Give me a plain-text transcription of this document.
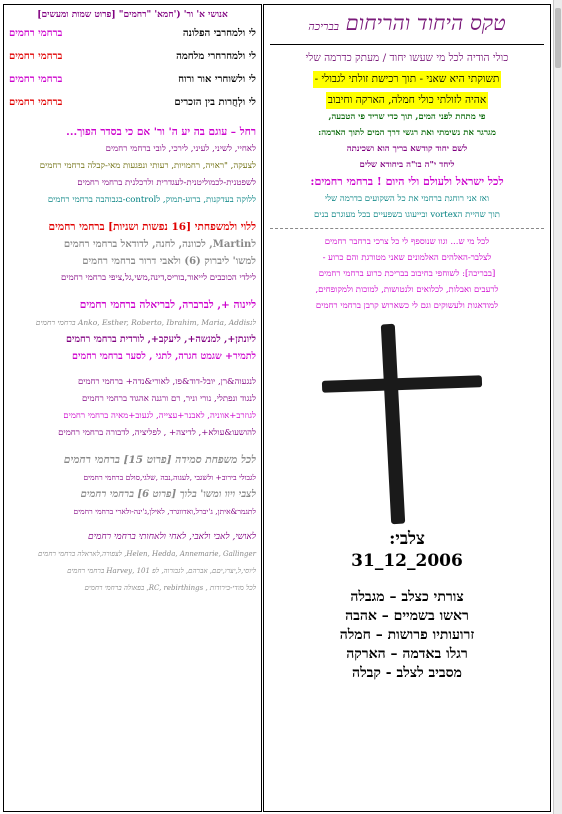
טקס היחוד והריחום בבריכה
כולי הודיה לכל מי שעשו יחוד / מעתק כדרמה שלי
תשוקתי היא שאני - תוך רכישת זולתי לגבולי -
אהיה לזולתי כולי חמלה, הארקה וחיבוב
פי מתחת לפני המים, תוך כדי שריד פי הטבעה,
מגרגר את נשימתי ואת רגשי דרך המים לתוך האדמה:
לשם יחוד קודשא בריך הוא ושכינתה
ליחד י"ה בו"ה ביחודא שלים
לכל ישראל ולעולם ולי היום ! ברחמי רחמים:
ואז אני רוחגת ברחמי את כל השקועים בדרמה שלי
תוך שהיית הvortex ובייעוגו בשפעיים בכל מעוגרם בנים
לכל מי ש... וגוו שנוספף לי כל צרכי ברחבר רחמים
לצלבר-האלהים האלמונים שאני מטורגת והם כרוע -
[בבריכה]: לשוחפי בחיבוב בבריכת כרוע ברחמי רחמים
לרעבים ואבלות, לכלואים ולנטושות, למוכות ולמקופחים,
למודאגות ולעשוקים וגם לי כשארוש קרבן ברחמי רחמים
צלבי:
31_12_2006
צורתי כצלב – מגבלה
ראשו בשמיים – אהבה
זרועותיו פרושות – חמלה
רגלו באדמה – הארקה
מסביב לצלב - קבלה
אנושי א' ור' ('חמא' "רחמים" [פרוט שמות ומעשים]
לי ולמחרבי הפלונה
ברחמי רחמים
לי ולמחרחרי מלחמה
ברחמי רחמים
לי ולשוחרי אור ורוח
ברחמי רחמים
לי ולְחֲרות בין הזכרים
ברחמי רחמים
רחל – עוגם בה יע ה' ור' אם כי בסדר הפוך...
לאחיי, לשיני, לעיני, לירכי, לובי ברחמי רחמים
לצעקה, "ראויה, רחמויות, רעותי ונפגעות מאי-קבלה ברחמי רחמים
לשפטנית-לכמוליטנית-לעגדרית ולרכלנית ברחמי רחמים
ללוקה בעדקנות, ברוע-תמוק, לcontrol-בגבוהבה ברחמי רחמים
ללוי ולמשפחתי [16 נפשות ושניות] ברחמי רחמים
לMartin, לכוונה, לחנה, לדודאל ברחמי רחמים
למשו' ליברוק (6) ולאבי דרור ברחמי רחמים
לילדי הכוכבים לייאור,בוריס,דינה,משי,גל,ציפי ברחמי רחמים
ליינוה +, לברברה, לבריאלה ברחמי רחמים
לגAnko, Esther, Roberto, Ibrahim, Maria, Addis ברחמי רחמים
ליונתן+, למנשה+, ליעקב+, לורדית ברחמי רחמים
לתמיר+ שגמט חגרה, לתגי , לסער ברחמי רחמים
לנגעוה&רן, יובל-דוד&פז, לאורי&נדה+ ברחמי רחמים
לנגוד ונפתלי, נורי וניר, רם ורגנה אהגוד ברחמי רחמים
לגוזרב+אווניה, לאבנר+עצייה, לגעוב+מאיה ברחמי רחמים
להושעו&עולא+, לדיצה+ , לפליציה, לדבורה ברחמי רחמים
לכל משפחת סמידה [פרוט 15] ברחמי רחמים
לגבולי בירוב+ ולשגבי ,לעגוה,נבה ,שלגי,סולם ברחמי רחמים
לצבי ויוו ומשו' בלוך [פרוט 6] ברחמי רחמים
לתגמר&איתן, ג'יברל,ואדווגרד, לאילן,ג'ינה-ולארי ברחמי רחמים
לאושי, לאבי ולאבי, לאחי ולאחותי ברחמי רחמים
Helen, Hedda, Annemarie, Gallinger, לצפורה,לאראלה ברחמי רחמים
ליוסי,ל,יצרו,יםם, אברהם, לגבורוה, לפ 101 ,Harvey ברחמי רחמים
לכל מודי-בירודות , RC, rebirthings, בפאולה ברחמי רחמים
